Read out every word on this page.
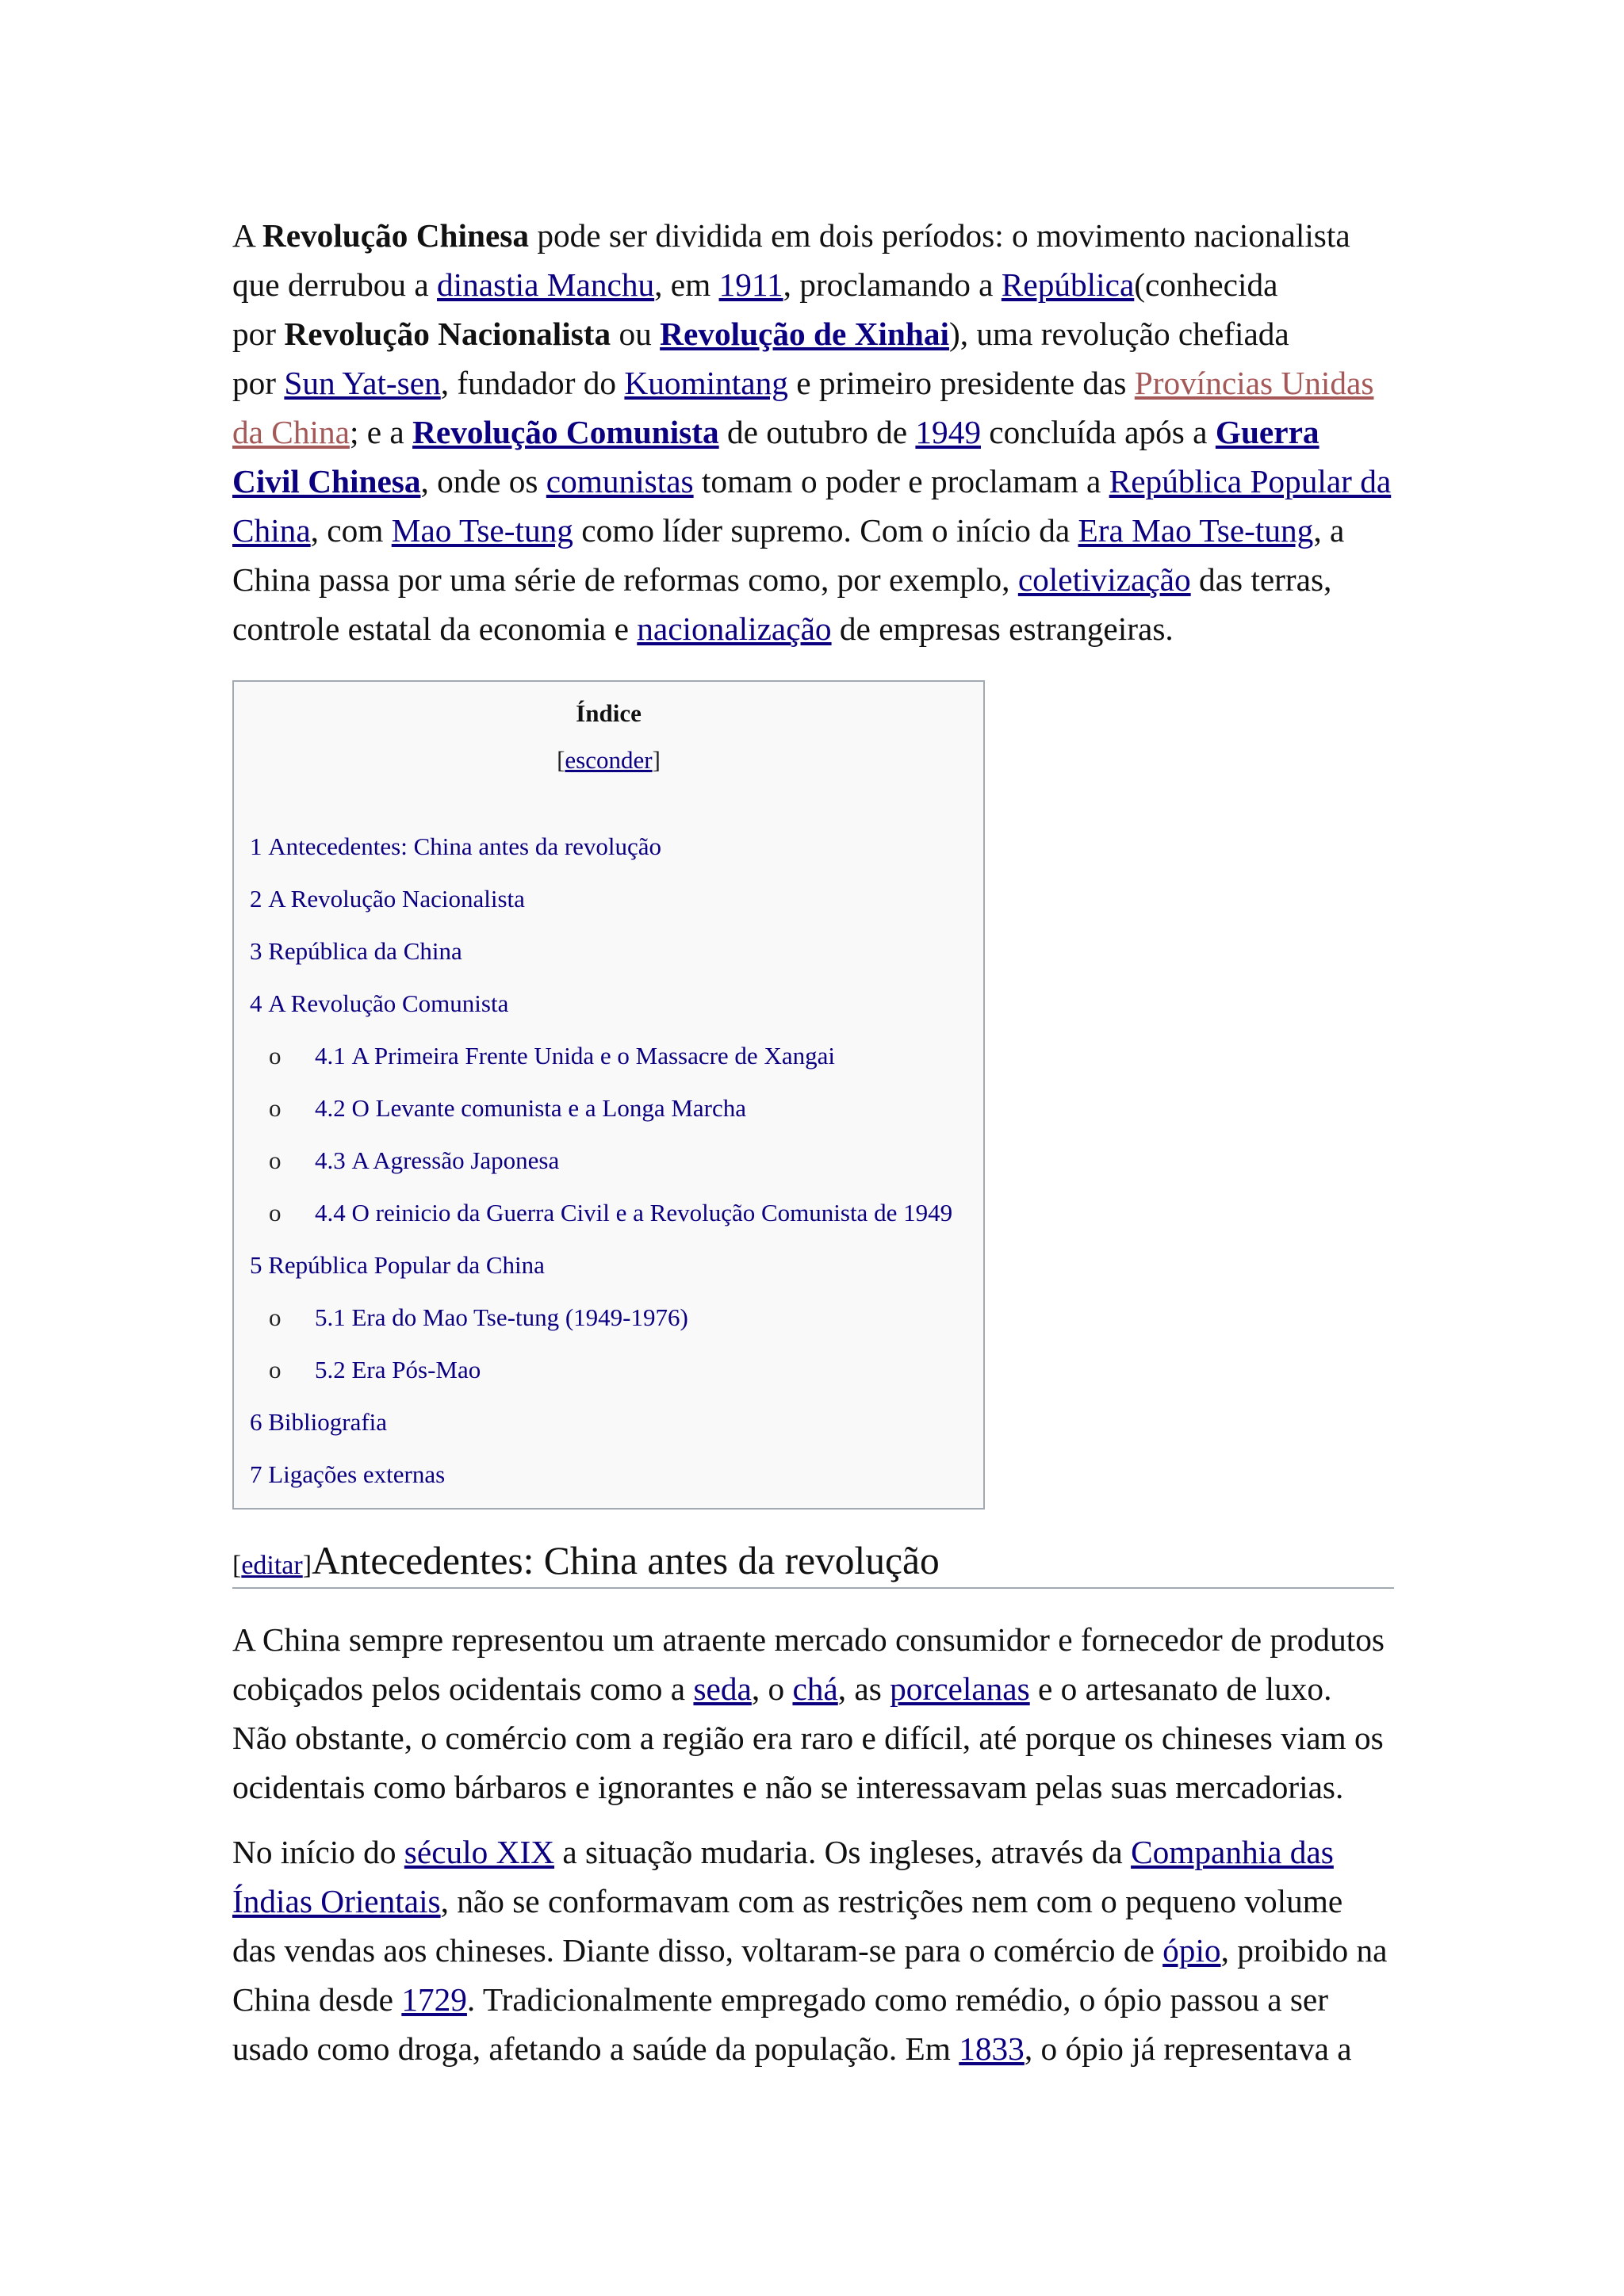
A Revolução Chinesa pode ser dividida em dois períodos: o movimento nacionalista
que derrubou a dinastia Manchu, em 1911, proclamando a República(conhecida
por Revolução Nacionalista ou Revolução de Xinhai), uma revolução chefiada
por Sun Yat-sen, fundador do Kuomintang e primeiro presidente das Províncias Unidas
da China; e a Revolução Comunista de outubro de 1949 concluída após a Guerra
Civil Chinesa, onde os comunistas tomam o poder e proclamam a República Popular da
China, com Mao Tse-tung como líder supremo. Com o início da Era Mao Tse-tung, a
China passa por uma série de reformas como, por exemplo, coletivização das terras,
controle estatal da economia e nacionalização de empresas estrangeiras.
Índice
[esconder]
1 Antecedentes: China antes da revolução
2 A Revolução Nacionalista
3 República da China
4 A Revolução Comunista
o 4.1 A Primeira Frente Unida e o Massacre de Xangai
o 4.2 O Levante comunista e a Longa Marcha
o 4.3 A Agressão Japonesa
o 4.4 O reinicio da Guerra Civil e a Revolução Comunista de 1949
5 República Popular da China
o 5.1 Era do Mao Tse-tung (1949-1976)
o 5.2 Era Pós-Mao
6 Bibliografia
7 Ligações externas
[editar]Antecedentes: China antes da revolução
A China sempre representou um atraente mercado consumidor e fornecedor de produtos
cobiçados pelos ocidentais como a seda, o chá, as porcelanas e o artesanato de luxo.
Não obstante, o comércio com a região era raro e difícil, até porque os chineses viam os
ocidentais como bárbaros e ignorantes e não se interessavam pelas suas mercadorias.
No início do século XIX a situação mudaria. Os ingleses, através da Companhia das
Índias Orientais, não se conformavam com as restrições nem com o pequeno volume
das vendas aos chineses. Diante disso, voltaram-se para o comércio de ópio, proibido na
China desde 1729. Tradicionalmente empregado como remédio, o ópio passou a ser
usado como droga, afetando a saúde da população. Em 1833, o ópio já representava a
